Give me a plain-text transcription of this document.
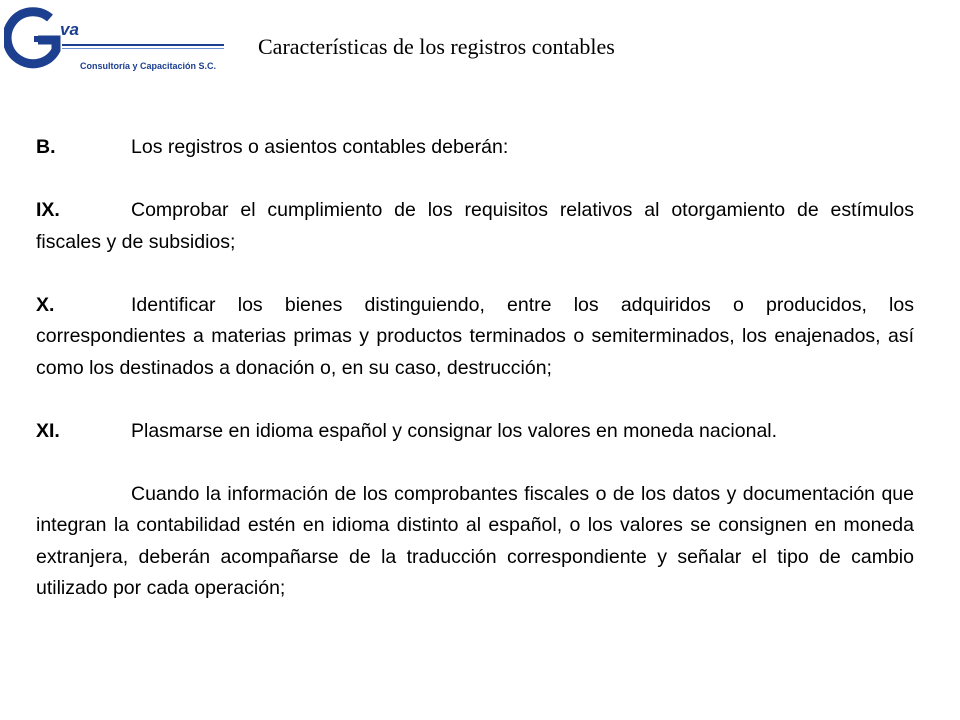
va
Consultoría y Capacitación S.C.
Características de los registros contables

B.	Los registros o asientos contables deberán:

IX.	Comprobar el cumplimiento de los requisitos relativos al otorgamiento de estímulos fiscales y de subsidios;

X.	Identificar los bienes distinguiendo, entre los adquiridos o producidos, los correspondientes a materias primas y productos terminados o semiterminados, los enajenados, así como los destinados a donación o, en su caso, destrucción;

XI.	Plasmarse en idioma español y consignar los valores en moneda nacional.

Cuando la información de los comprobantes fiscales o de los datos y documentación que integran la contabilidad estén en idioma distinto al español, o los valores se consignen en moneda extranjera, deberán acompañarse de la traducción correspondiente y señalar el tipo de cambio utilizado por cada operación;
